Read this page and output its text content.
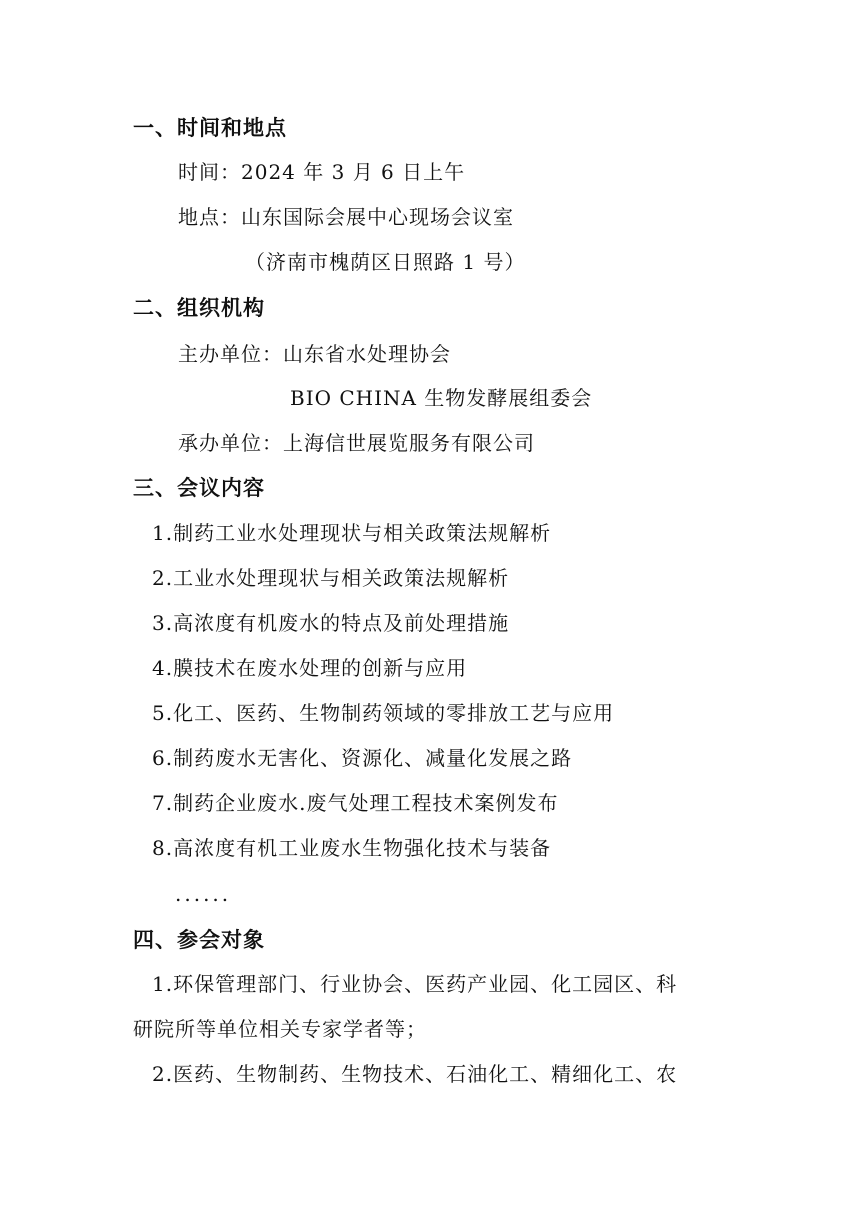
一、时间和地点
时间：2024 年 3 月 6 日上午
地点：山东国际会展中心现场会议室
（济南市槐荫区日照路 1 号）
二、组织机构
主办单位：山东省水处理协会
BIO CHINA 生物发酵展组委会
承办单位：上海信世展览服务有限公司
三、会议内容
1.制药工业水处理现状与相关政策法规解析
2.工业水处理现状与相关政策法规解析
3.高浓度有机废水的特点及前处理措施
4.膜技术在废水处理的创新与应用
5.化工、医药、生物制药领域的零排放工艺与应用
6.制药废水无害化、资源化、减量化发展之路
7.制药企业废水.废气处理工程技术案例发布
8.高浓度有机工业废水生物强化技术与装备
......
四、参会对象
1.环保管理部门、行业协会、医药产业园、化工园区、科
研院所等单位相关专家学者等；
2.医药、生物制药、生物技术、石油化工、精细化工、农
